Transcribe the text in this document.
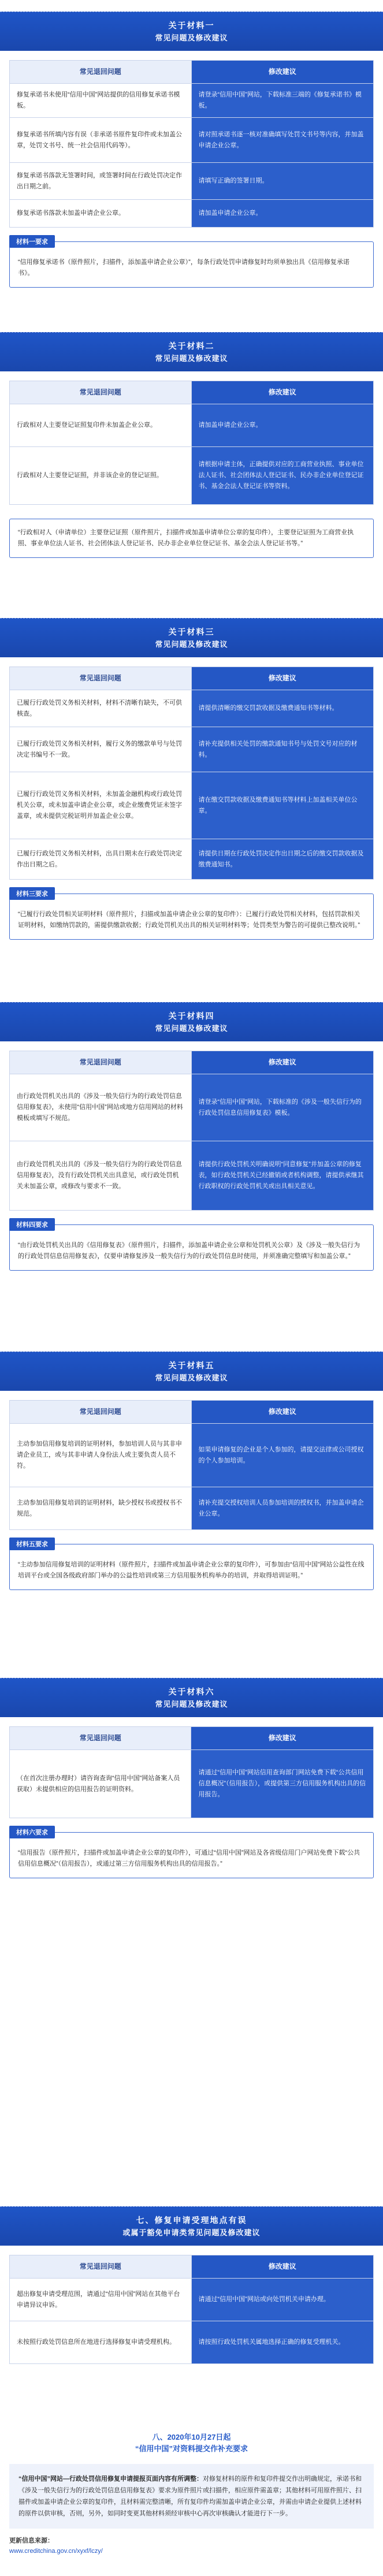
关于材料一
常见问题及修改建议
常见退回问题	修改建议
修复承诺书未使用“信用中国”网站提供的信用修复承诺书模板。	请登录“信用中国”网站，下载标准三端的《修复承诺书》模板。
修复承诺书所填内容有误（非承诺书原件复印件或未加盖公章，处罚文书号、统一社会信用代码等）。	请对照承诺书逐一核对准确填写处罚文书号等内容，并加盖申请企业公章。
修复承诺书落款无签署时间，或签署时间在行政处罚决定作出日期之前。	请填写正确的签署日期。
修复承诺书落款未加盖申请企业公章。	请加盖申请企业公章。
材料一要求
“信用修复承诺书（原件照片，扫描件，添加盖申请企业公章）”，每条行政处罚申请修复时均须单独出具《信用修复承诺书》。
关于材料二
常见问题及修改建议
常见退回问题	修改建议
行政相对人主要登记证照复印件未加盖企业公章。	请加盖申请企业公章。
行政相对人主要登记证照，并非该企业的登记证照。	请根据申请主体，正确提供对应的工商营业执照、事业单位法人证书、社会团体法人登记证书、民办非企业单位登记证书、基金会法人登记证书等资料。
“行政相对人（申请单位）主要登记证照（原件照片，扫描件或加盖申请单位公章的复印件），主要登记证照为工商营业执照、事业单位法人证书、社会团体法人登记证书、民办非企业单位登记证书、基金会法人登记证书等。”
关于材料三
常见问题及修改建议
常见退回问题	修改建议
已履行行政处罚义务相关材料，材料不清晰有缺失，不可供核查。	请提供清晰的缴交罚款收据及缴费通知书等材料。
已履行行政处罚义务相关材料，履行义务的缴款单号与处罚决定书编号不一致。	请补充提供相关处罚的缴款通知书号与处罚文号对应的材料。
已履行行政处罚义务相关材料，未加盖金融机构或行政处罚机关公章，或未加盖申请企业公章，或企业缴费凭证未签字盖章，或未提供完税证明并加盖企业公章。	请在缴交罚款收据及缴费通知书等材料上加盖相关单位公章。
已履行行政处罚义务相关材料，出具日期未在行政处罚决定作出日期之后。	请提供日期在行政处罚决定作出日期之后的缴交罚款收据及缴费通知书。
材料三要求
“已履行行政处罚相关证明材料（原件照片，扫描或加盖申请企业公章的复印件）：已履行行政处罚相关材料，包括罚款相关证明材料，如缴纳罚款的，需提供缴款收据；行政处罚机关出具的相关证明材料等；处罚类型为警告的可提供已整改说明。”
关于材料四
常见问题及修改建议
常见退回问题	修改建议
由行政处罚机关出具的《涉及一般失信行为的行政处罚信息信用修复表》，未使用“信用中国”网站或地方信用网站的材料模板或填写不规范。	请登录“信用中国”网站，下载标准的《涉及一般失信行为的行政处罚信息信用修复表》模板。
由行政处罚机关出具的《涉及一般失信行为的行政处罚信息信用修复表》，没有行政处罚机关出具意见，或行政处罚机关未加盖公章，或修改与要求不一致。	请提供行政处罚机关明确说明“同意修复”并加盖公章的修复表，如行政处罚机关已经撤销或者机构调整，请提供承继其行政职权的行政处罚机关或出具相关意见。
材料四要求
“由行政处罚机关出具的《信用修复表》（原件照片，扫描件，添加盖申请企业公章和处罚机关公章）及《涉及一般失信行为的行政处罚信息信用修复表》，仅要申请修复涉及一般失信行为的行政处罚信息时使用，并须准确完整填写和加盖公章。”
关于材料五
常见问题及修改建议
常见退回问题	修改建议
主动参加信用修复培训的证明材料，参加培训人员与其非申请企业员工，或与其非申请人身份法人或主要负责人员不符。	如果申请修复的企业是个人参加的，请提交法律或公司授权的个人参加培训。
主动参加信用修复培训的证明材料，缺少授权书或授权书不规范。	请补充提交授权培训人员参加培训的授权书，并加盖申请企业公章。
材料五要求
“主动参加信用修复培训的证明材料（原件照片，扫描件或加盖申请企业公章的复印件），可参加由“信用中国”网站公益性在线培训平台或全国各级政府部门举办的公益性培训或第三方信用服务机构举办的培训，并取得培训证明。”
关于材料六
常见问题及修改建议
常见退回问题	修改建议
（在首次注册办理时）请咨询查询“信用中国”网站备案人员获取）未提供相应的信用报告的证明资料。	请通过“信用中国”网站信用查询部门网站免费下载“公共信用信息概况”（信用报告），或提供第三方信用服务机构出具的信用报告。
材料六要求
“信用报告（原件照片，扫描件或加盖申请企业公章的复印件），可通过“信用中国”网站及各省级信用门户网站免费下载“公共信用信息概况”（信用报告），或通过第三方信用服务机构出具的信用报告。”
七、修复申请受理地点有误
或属于豁免申请类常见问题及修改建议
常见退回问题	修改建议
超出修复申请受理范围，请通过“信用中国”网站在其他平台申请异议申诉。	请通过“信用中国”网站或向处罚机关申请办理。
未按照行政处罚信息所在地进行选择修复申请受理机构。	请按照行政处罚机关属地选择正确的修复受理机关。
八、2020年10月27日起
“信用中国”对资料提交作补充要求
“信用中国”网站—行政处罚信用修复申请提报页面内容有所调整：对修复材料的原件和复印件提交作出明确规定，承诺书和《涉及一般失信行为的行政处罚信息信用修复表》要求为原件照片或扫描件，相应原件需盖章；其他材料可用原件照片、扫描件或加盖申请企业公章的复印件，且材料需完整清晰，所有复印件均需加盖申请企业公章，并需由申请企业提供上述材料的原件以供审核，否则，另外，如同时变更其他材料须经审核中心再次审核确认才能进行下一步。
更新信息来源：
www.creditchina.gov.cn/xyxf/lczy/
